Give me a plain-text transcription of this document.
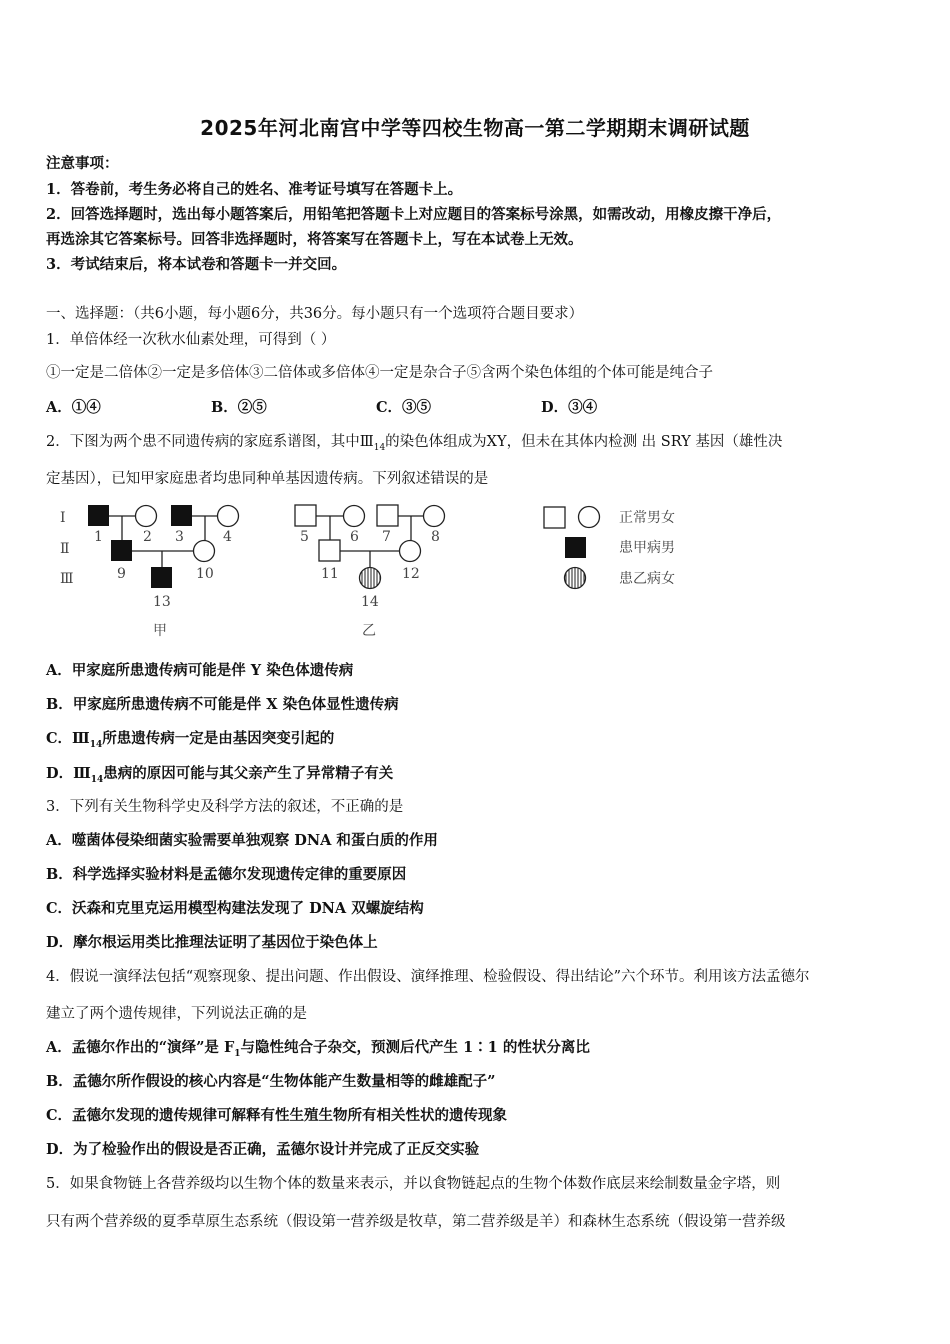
2025年河北南宫中学等四校生物高一第二学期期末调研试题
注意事项：
1．答卷前，考生务必将自己的姓名、准考证号填写在答题卡上。
2．回答选择题时，选出每小题答案后，用铅笔把答题卡上对应题目的答案标号涂黑，如需改动，用橡皮擦干净后，
再选涂其它答案标号。回答非选择题时，将答案写在答题卡上，写在本试卷上无效。
3．考试结束后，将本试卷和答题卡一并交回。
一、选择题：（共6小题，每小题6分，共36分。每小题只有一个选项符合题目要求）
1．单倍体经一次秋水仙素处理，可得到（ ）
①一定是二倍体②一定是多倍体③二倍体或多倍体④一定是杂合子⑤含两个染色体组的个体可能是纯合子
A．①④	B．②⑤	C．③⑤	D．③④
2．下图为两个患不同遗传病的家庭系谱图，其中$Ⅲ_{14}$的染色体组成为XY，但未在其体内检测 出 SRY 基因（雄性决
定基因），已知甲家庭患者均患同种单基因遗传病。下列叙述错误的是
Ⅰ
Ⅱ
Ⅲ
1	2 3	4
9	10
13
5	6 7	8
11	12
14
甲	乙
正常男女
患甲病男
患乙病女
A．甲家庭所患遗传病可能是伴 Y 染色体遗传病
B．甲家庭所患遗传病不可能是伴 X 染色体显性遗传病
C．$Ⅲ_{14}$所患遗传病一定是由基因突变引起的
D．$Ⅲ_{14}$患病的原因可能与其父亲产生了异常精子有关
3．下列有关生物科学史及科学方法的叙述，不正确的是
A．噬菌体侵染细菌实验需要单独观察 DNA 和蛋白质的作用
B．科学选择实验材料是孟德尔发现遗传定律的重要原因
C．沃森和克里克运用模型构建法发现了 DNA 双螺旋结构
D．摩尔根运用类比推理法证明了基因位于染色体上
4．假说一演绎法包括“观察现象、提出问题、作出假设、演绎推理、检验假设、得出结论”六个环节。利用该方法孟德尔
建立了两个遗传规律，下列说法正确的是
A．孟德尔作出的“演绎”是 $F_1$与隐性纯合子杂交，预测后代产生 1∶1 的性状分离比
B．孟德尔所作假设的核心内容是“生物体能产生数量相等的雌雄配子”
C．孟德尔发现的遗传规律可解释有性生殖生物所有相关性状的遗传现象
D．为了检验作出的假设是否正确，孟德尔设计并完成了正反交实验
5．如果食物链上各营养级均以生物个体的数量来表示，并以食物链起点的生物个体数作底层来绘制数量金字塔，则
只有两个营养级的夏季草原生态系统（假设第一营养级是牧草，第二营养级是羊）和森林生态系统（假设第一营养级
